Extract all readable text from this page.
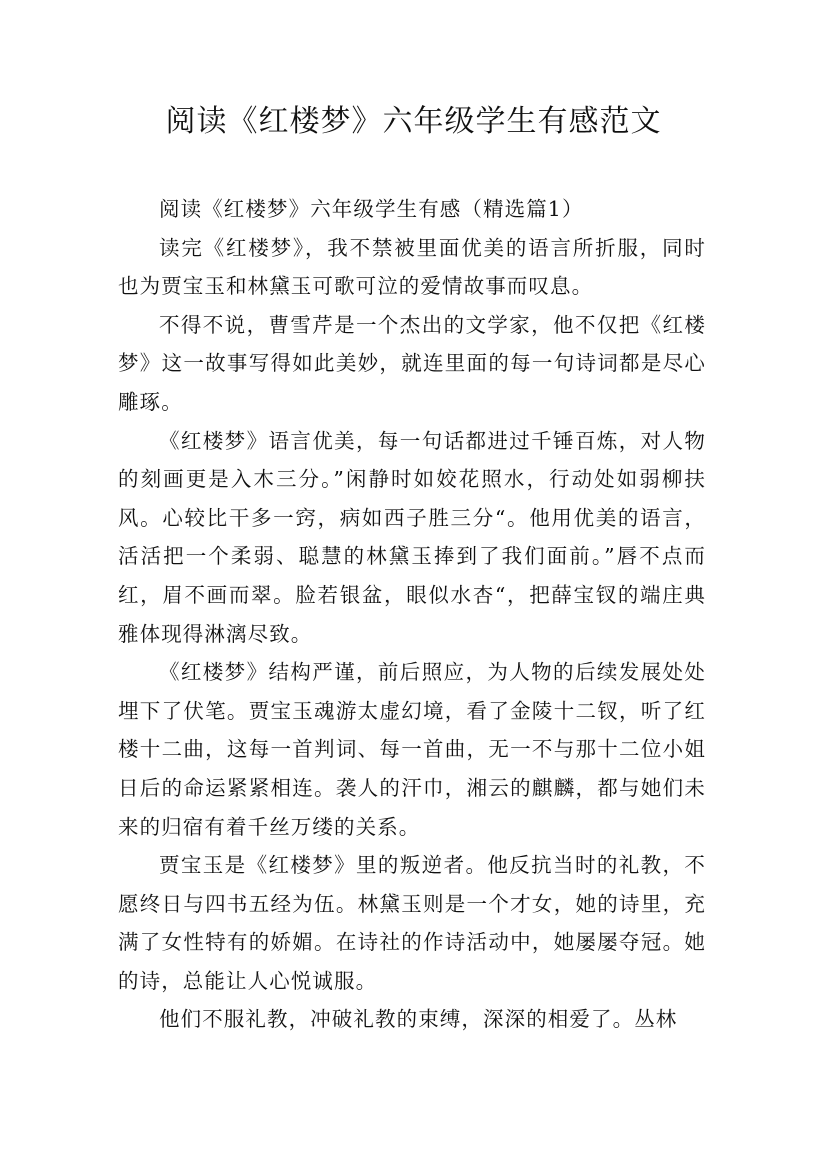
阅读《红楼梦》六年级学生有感范文

阅读《红楼梦》六年级学生有感（精选篇1）

读完《红楼梦》，我不禁被里面优美的语言所折服，同时也为贾宝玉和林黛玉可歌可泣的爱情故事而叹息。

不得不说，曹雪芹是一个杰出的文学家，他不仅把《红楼梦》这一故事写得如此美妙，就连里面的每一句诗词都是尽心雕琢。

《红楼梦》语言优美，每一句话都进过千锤百炼，对人物的刻画更是入木三分。”闲静时如姣花照水，行动处如弱柳扶风。心较比干多一窍，病如西子胜三分“。他用优美的语言，活活把一个柔弱、聪慧的林黛玉捧到了我们面前。”唇不点而红，眉不画而翠。脸若银盆，眼似水杏“，把薛宝钗的端庄典雅体现得淋漓尽致。

《红楼梦》结构严谨，前后照应，为人物的后续发展处处埋下了伏笔。贾宝玉魂游太虚幻境，看了金陵十二钗，听了红楼十二曲，这每一首判词、每一首曲，无一不与那十二位小姐日后的命运紧紧相连。袭人的汗巾，湘云的麒麟，都与她们未来的归宿有着千丝万缕的关系。

贾宝玉是《红楼梦》里的叛逆者。他反抗当时的礼教，不愿终日与四书五经为伍。林黛玉则是一个才女，她的诗里，充满了女性特有的娇媚。在诗社的作诗活动中，她屡屡夺冠。她的诗，总能让人心悦诚服。

他们不服礼教，冲破礼教的束缚，深深的相爱了。丛林
